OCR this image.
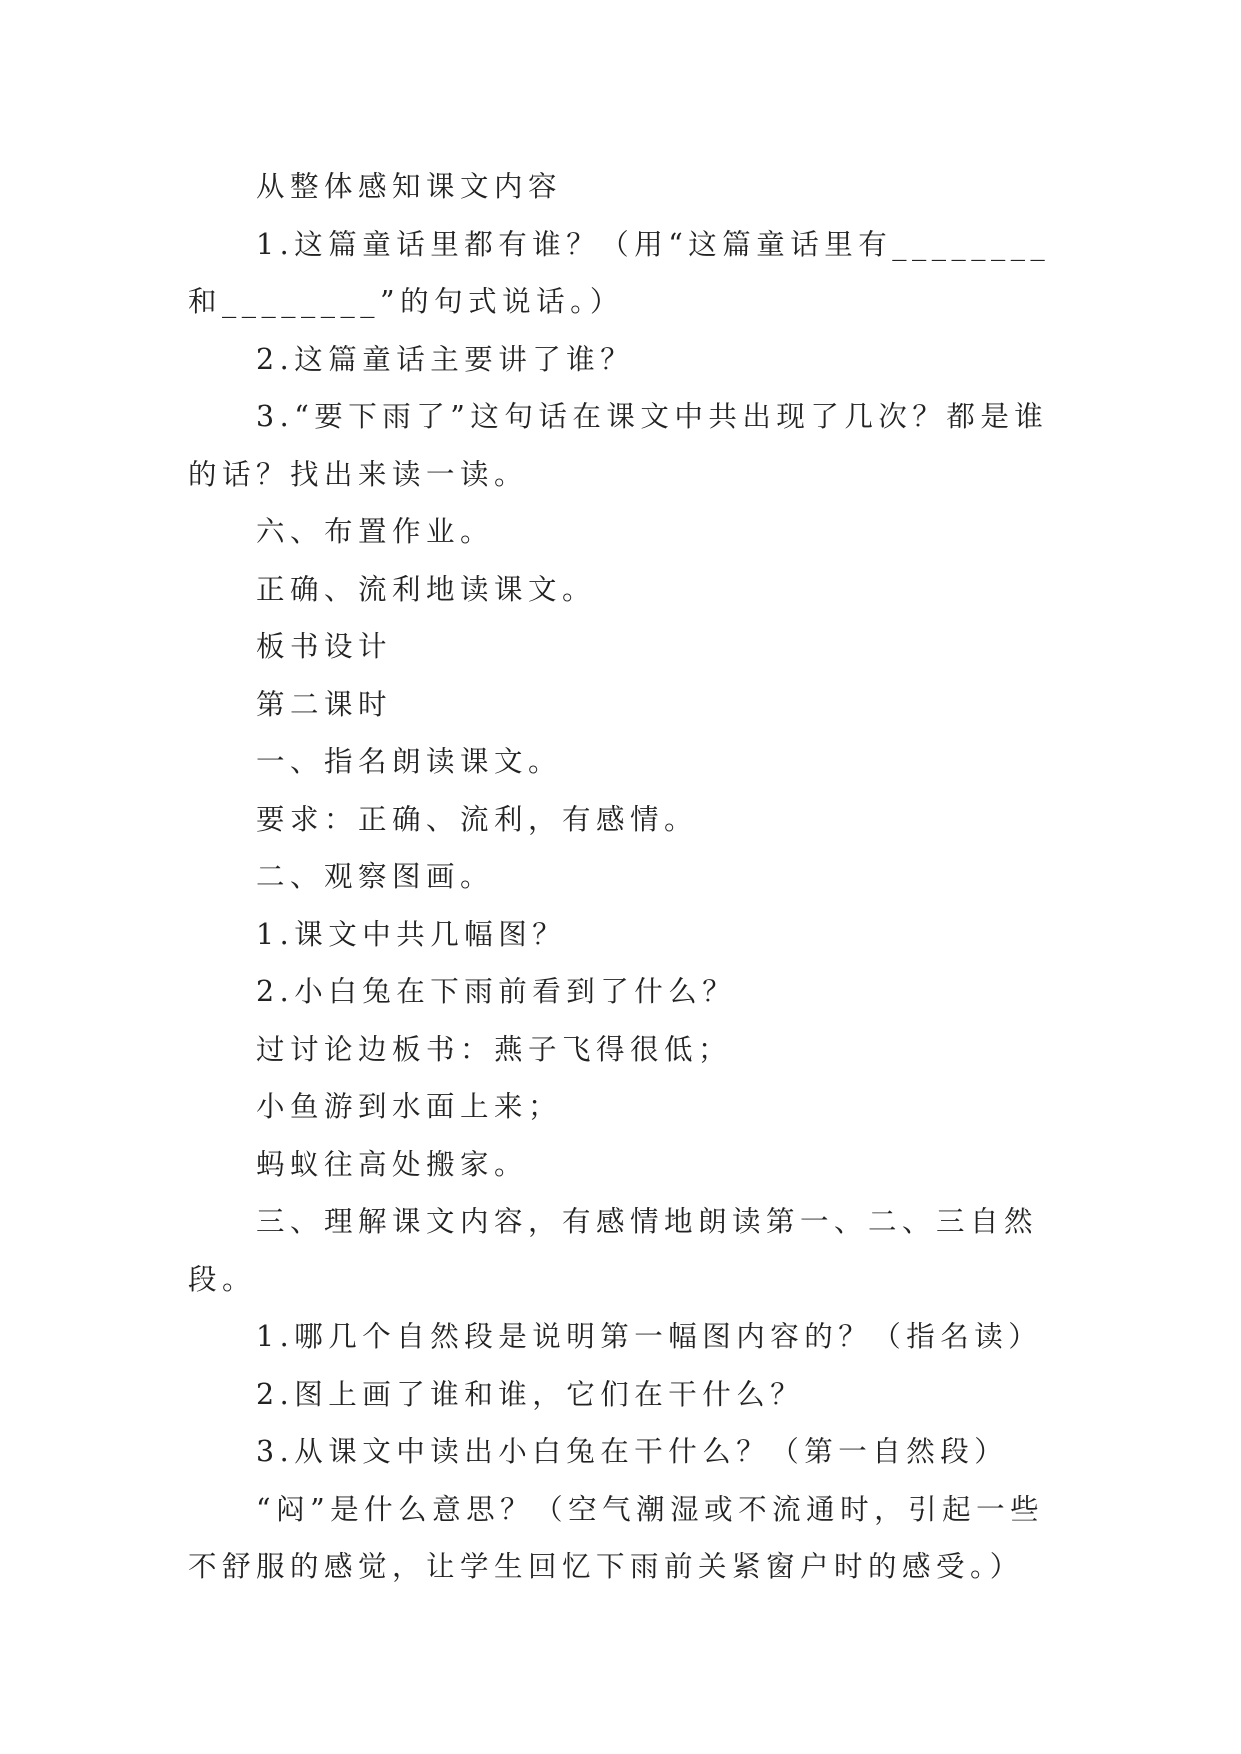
从整体感知课文内容

1.这篇童话里都有谁？（用“这篇童话里有________和________”的句式说话。）

2.这篇童话主要讲了谁？

3.“要下雨了”这句话在课文中共出现了几次？都是谁的话？找出来读一读。

六、布置作业。

正确、流利地读课文。

板书设计

第二课时

一、指名朗读课文。

要求：正确、流利，有感情。

二、观察图画。

1.课文中共几幅图？

2.小白兔在下雨前看到了什么？

过讨论边板书：燕子飞得很低；

小鱼游到水面上来；

蚂蚁往高处搬家。

三、理解课文内容，有感情地朗读第一、二、三自然段。

1.哪几个自然段是说明第一幅图内容的？（指名读）

2.图上画了谁和谁，它们在干什么？

3.从课文中读出小白兔在干什么？（第一自然段）

“闷”是什么意思？（空气潮湿或不流通时，引起一些不舒服的感觉，让学生回忆下雨前关紧窗户时的感受。）
